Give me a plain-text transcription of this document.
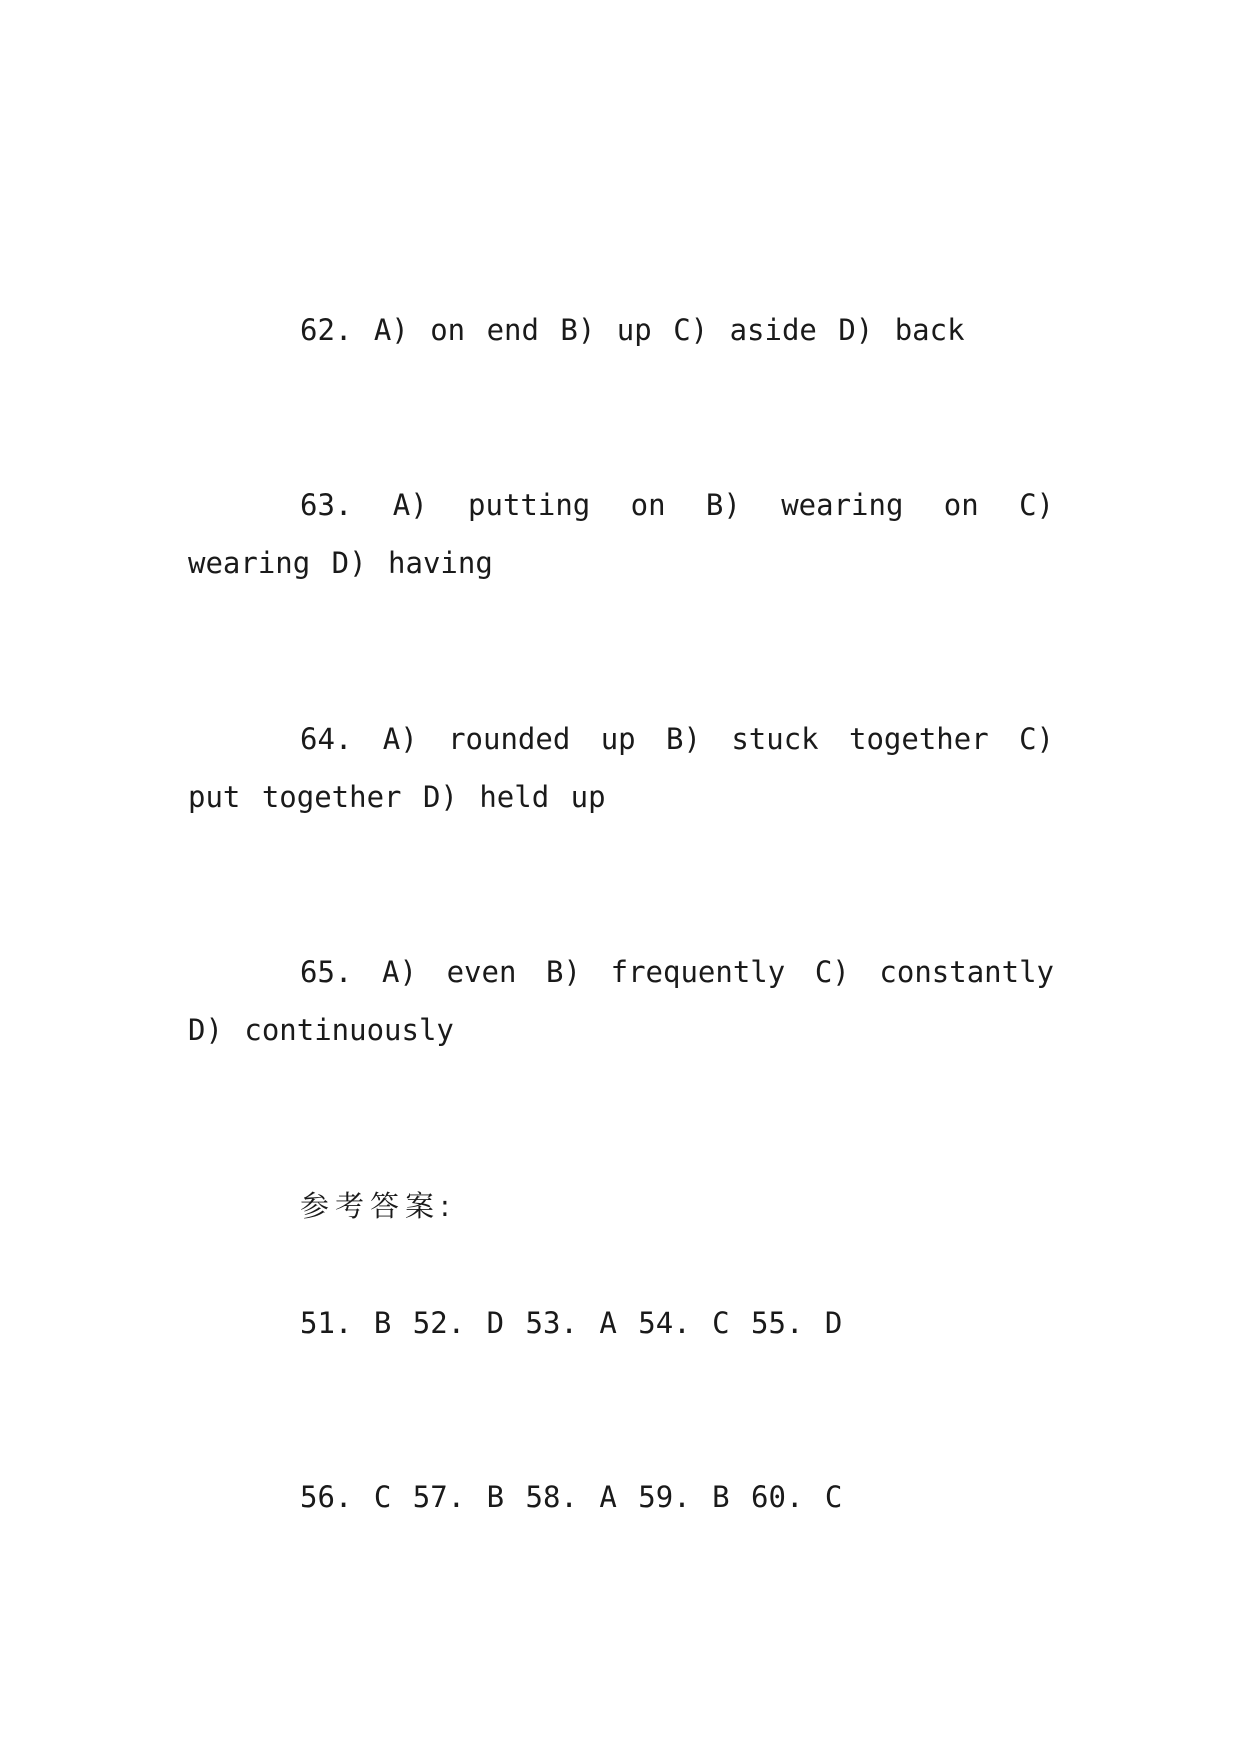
62. A) on end B) up C) aside D) back

63. A) putting on B) wearing on C) wearing D) having

64. A) rounded up B) stuck together C) put together D) held up

65. A) even B) frequently C) constantly D) continuously

参考答案:

51. B 52. D 53. A 54. C 55. D

56. C 57. B 58. A 59. B 60. C
